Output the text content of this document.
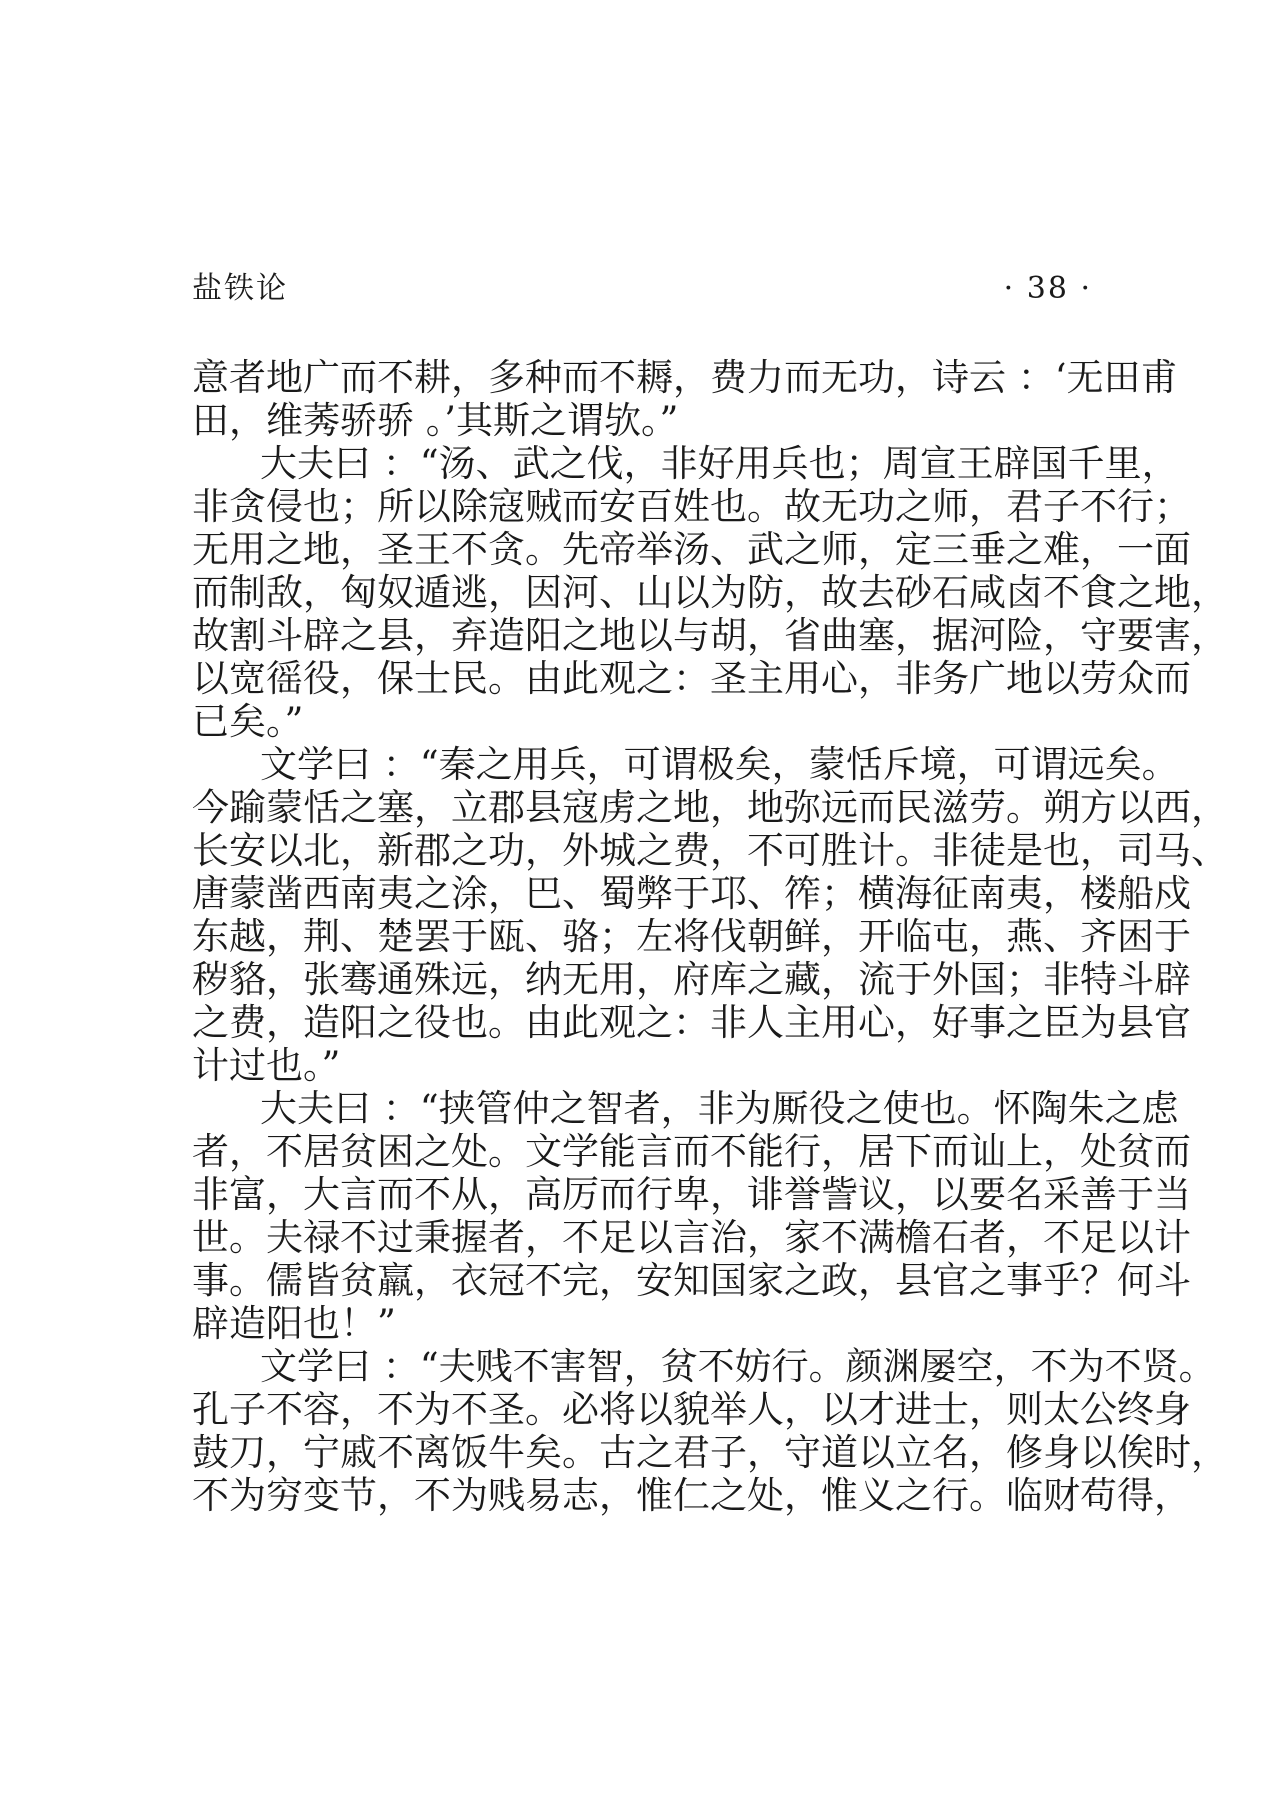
盐铁论	· 38 ·
意者地广而不耕，多种而不耨，费力而无功，诗云 ：‘无田甫
田，维莠骄骄 。’其斯之谓欤。”
大夫曰 ：“汤、武之伐，非好用兵也；周宣王辟国千里，
非贪侵也；所以除寇贼而安百姓也。故无功之师，君子不行；
无用之地，圣王不贪。先帝举汤、武之师，定三垂之难，一面
而制敌，匈奴遁逃，因河、山以为防，故去砂石咸卤不食之地，
故割斗辟之县，弃造阳之地以与胡，省曲塞，据河险，守要害，
以宽徭役，保士民。由此观之：圣主用心，非务广地以劳众而
已矣。”
文学曰 ：“秦之用兵，可谓极矣，蒙恬斥境，可谓远矣。
今踰蒙恬之塞，立郡县寇虏之地，地弥远而民滋劳。朔方以西，
长安以北，新郡之功，外城之费，不可胜计。非徒是也，司马、
唐蒙凿西南夷之涂，巴、蜀弊于邛、筰；横海征南夷，楼船戍
东越，荆、楚罢于瓯、骆；左将伐朝鲜，开临屯，燕、齐困于
秽貉，张骞通殊远，纳无用，府库之藏，流于外国；非特斗辟
之费，造阳之役也。由此观之：非人主用心，好事之臣为县官
计过也。”
大夫曰 ：“挟管仲之智者，非为厮役之使也。怀陶朱之虑
者，不居贫困之处。文学能言而不能行，居下而讪上，处贫而
非富，大言而不从，高厉而行卑，诽誉訾议，以要名采善于当
世。夫禄不过秉握者，不足以言治，家不满檐石者，不足以计
事。儒皆贫羸，衣冠不完，安知国家之政，县官之事乎？何斗
辟造阳也！”
文学曰 ：“夫贱不害智，贫不妨行。颜渊屡空，不为不贤。
孔子不容，不为不圣。必将以貌举人，以才进士，则太公终身
鼓刀，宁戚不离饭牛矣。古之君子，守道以立名，修身以俟时，
不为穷变节，不为贱易志，惟仁之处，惟义之行。临财苟得，
